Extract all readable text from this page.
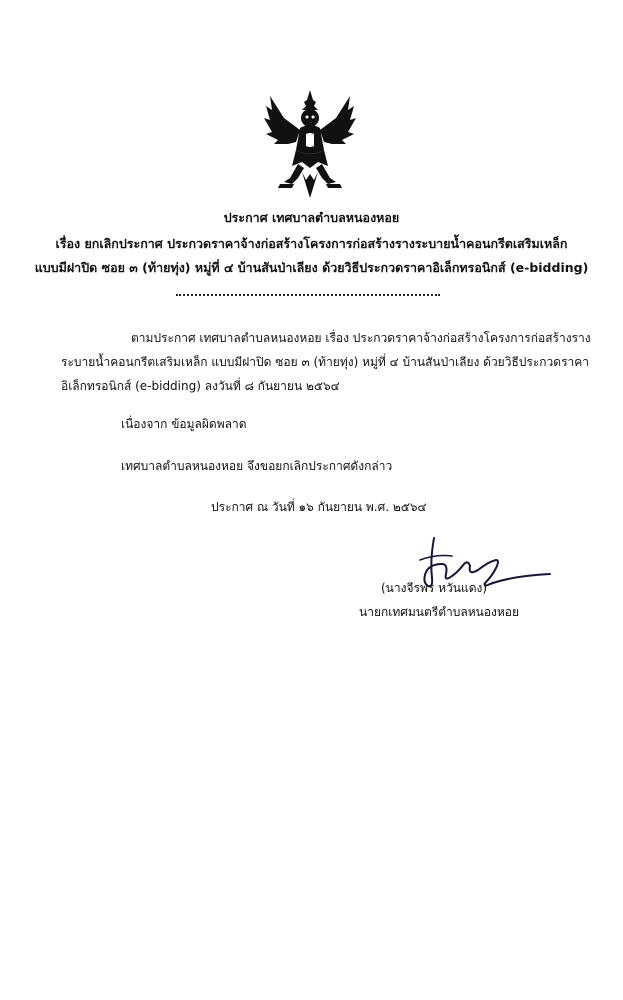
ประกาศ เทศบาลตำบลหนองหอย
เรื่อง ยกเลิกประกาศ ประกวดราคาจ้างก่อสร้างโครงการก่อสร้างรางระบายน้ำคอนกรีตเสริมเหล็ก
แบบมีฝาปิด ซอย ๓ (ท้ายทุ่ง) หมู่ที่ ๔ บ้านสันป่าเลียง ด้วยวิธีประกวดราคาอิเล็กทรอนิกส์ (e-bidding)
ตามประกาศ เทศบาลตำบลหนองหอย เรื่อง ประกวดราคาจ้างก่อสร้างโครงการก่อสร้างราง
ระบายน้ำคอนกรีตเสริมเหล็ก แบบมีฝาปิด ซอย ๓ (ท้ายทุ่ง) หมู่ที่ ๔ บ้านสันป่าเลียง ด้วยวิธีประกวดราคา
อิเล็กทรอนิกส์ (e-bidding) ลงวันที่ ๘ กันยายน ๒๕๖๔
เนื่องจาก ข้อมูลผิดพลาด
เทศบาลตำบลหนองหอย จึงขอยกเลิกประกาศดังกล่าว
ประกาศ ณ วันที่ ๑๖ กันยายน พ.ศ. ๒๕๖๔
(นางจีรพร หวันแดง)
นายกเทศมนตรีตำบลหนองหอย
